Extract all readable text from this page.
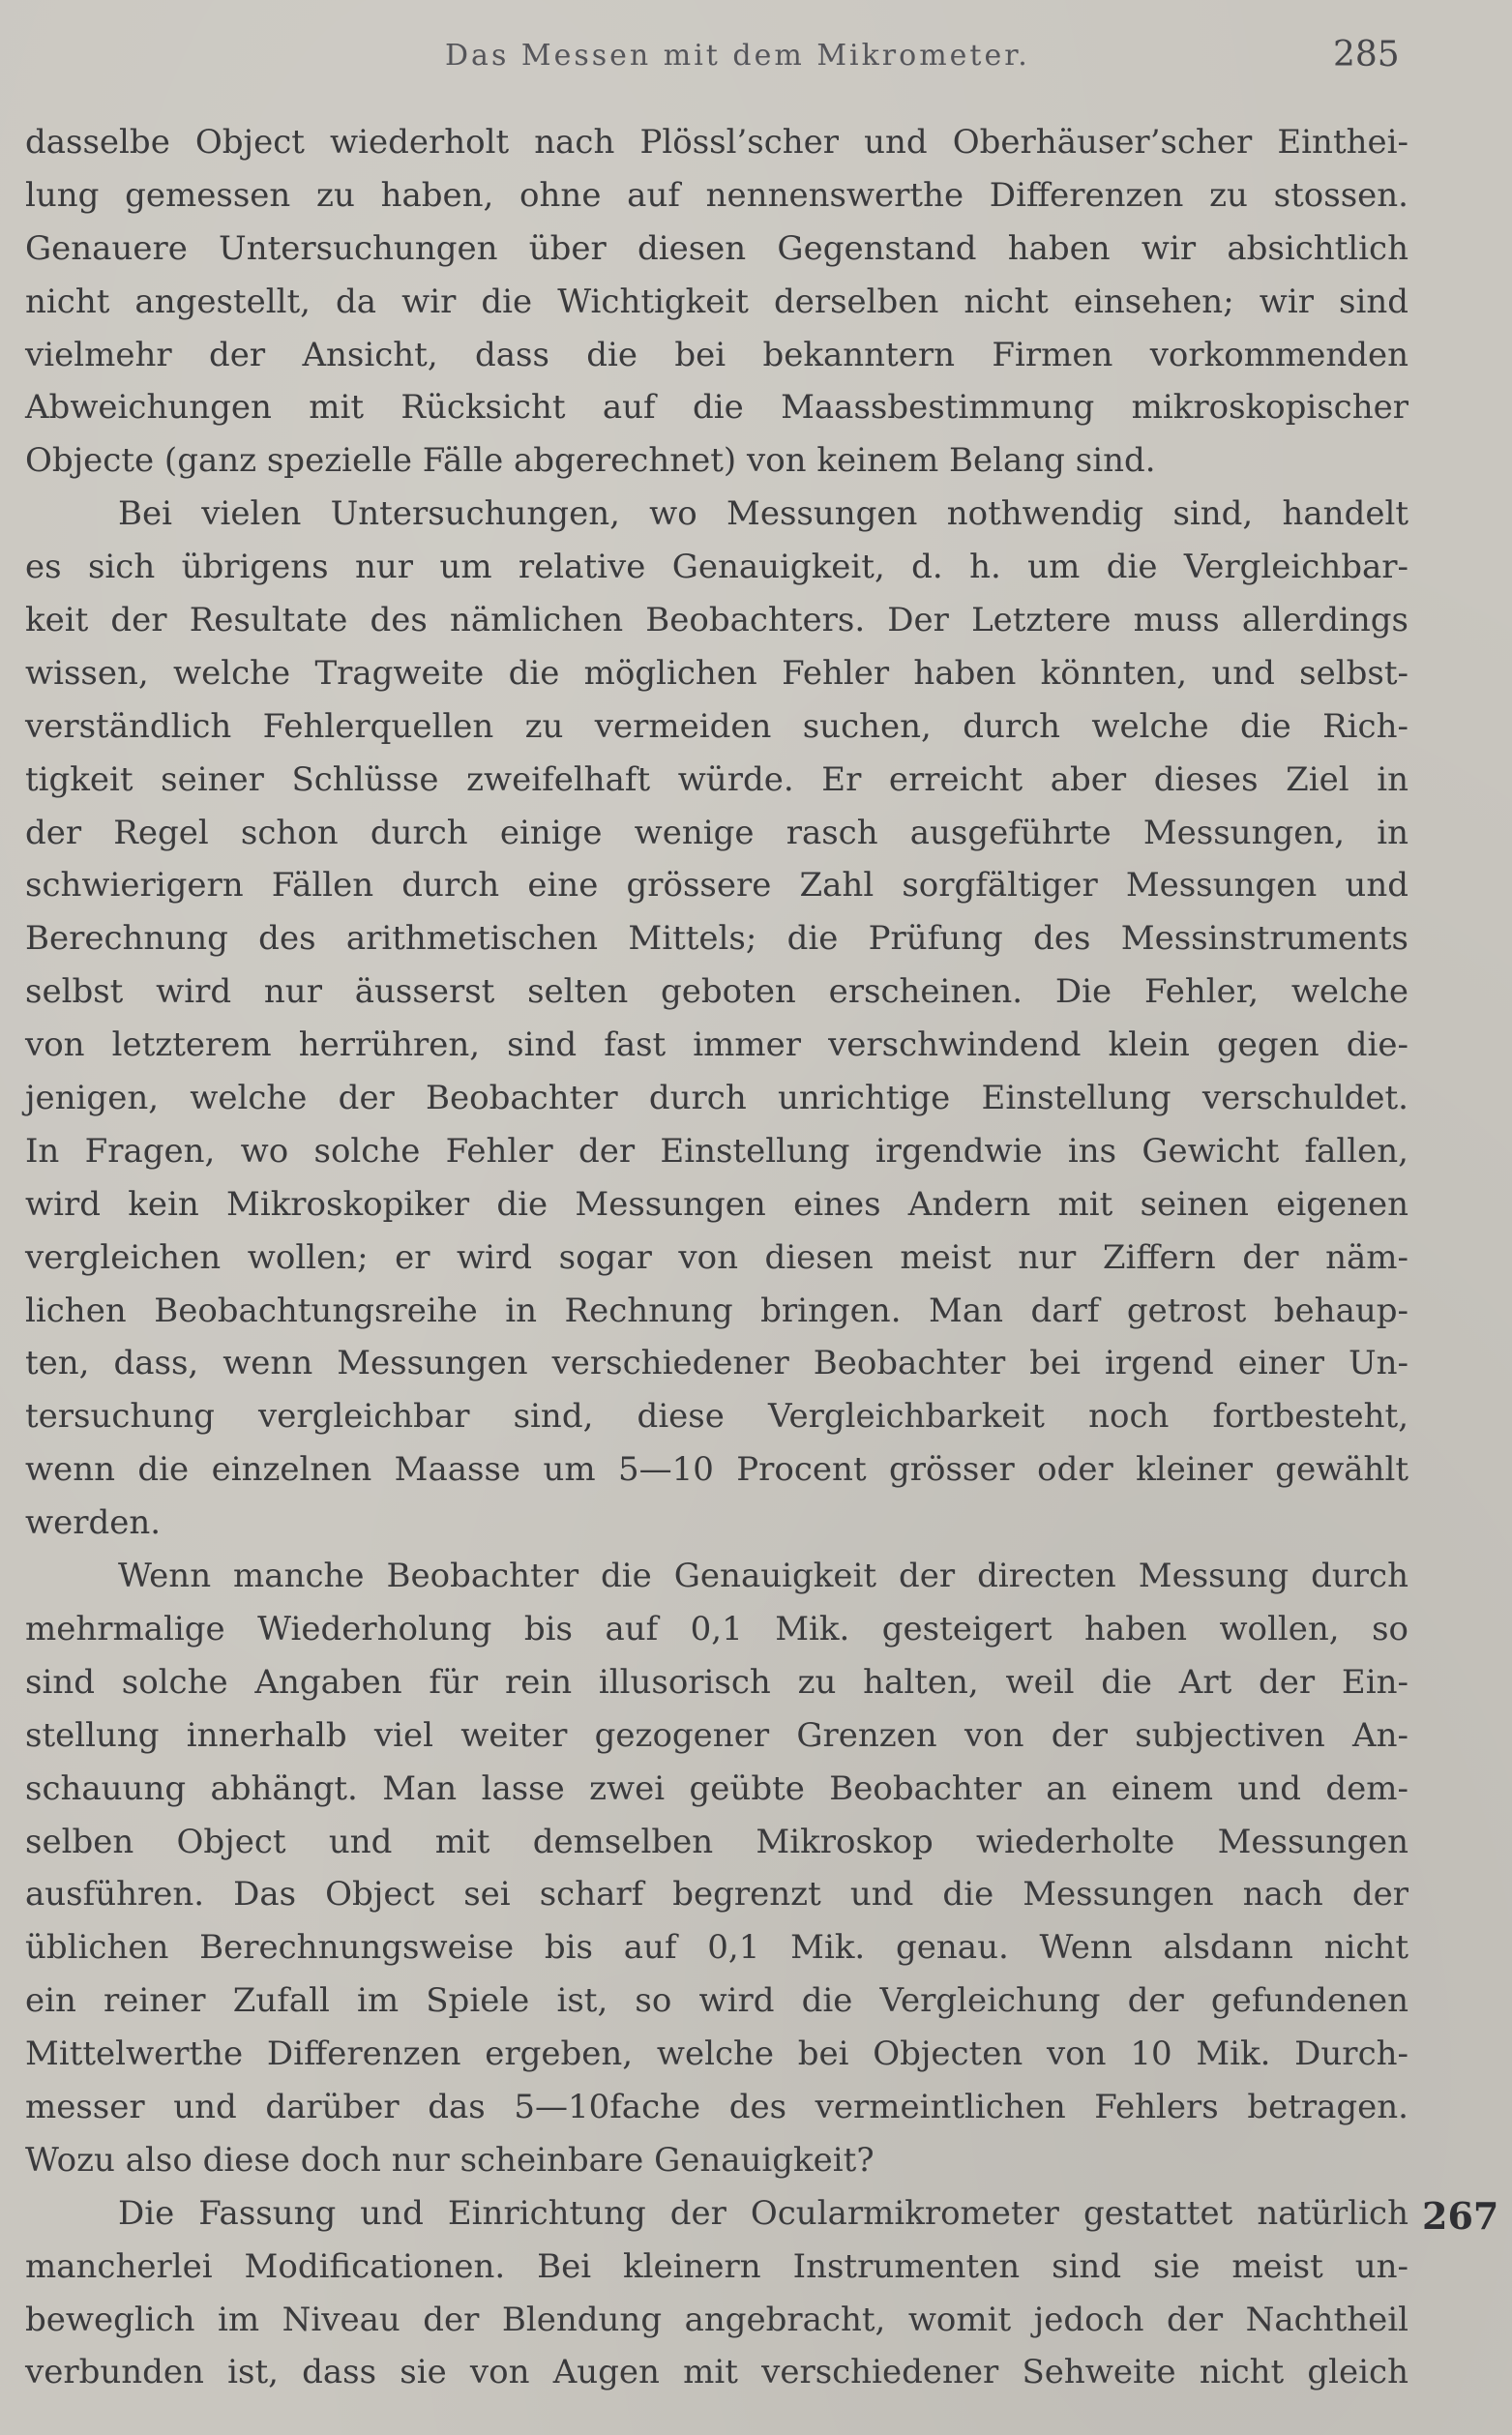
Das Messen mit dem Mikrometer.	285
dasselbe Object wiederholt nach Plössl’scher und Oberhäuser’scher Einthei-
lung gemessen zu haben, ohne auf nennenswerthe Differenzen zu stossen.
Genauere Untersuchungen über diesen Gegenstand haben wir absichtlich
nicht angestellt, da wir die Wichtigkeit derselben nicht einsehen; wir sind
vielmehr der Ansicht, dass die bei bekanntern Firmen vorkommenden
Abweichungen mit Rücksicht auf die Maassbestimmung mikroskopischer
Objecte (ganz spezielle Fälle abgerechnet) von keinem Belang sind.
Bei vielen Untersuchungen, wo Messungen nothwendig sind, handelt
es sich übrigens nur um relative Genauigkeit, d. h. um die Vergleichbar-
keit der Resultate des nämlichen Beobachters. Der Letztere muss allerdings
wissen, welche Tragweite die möglichen Fehler haben könnten, und selbst-
verständlich Fehlerquellen zu vermeiden suchen, durch welche die Rich-
tigkeit seiner Schlüsse zweifelhaft würde. Er erreicht aber dieses Ziel in
der Regel schon durch einige wenige rasch ausgeführte Messungen, in
schwierigern Fällen durch eine grössere Zahl sorgfältiger Messungen und
Berechnung des arithmetischen Mittels; die Prüfung des Messinstruments
selbst wird nur äusserst selten geboten erscheinen. Die Fehler, welche
von letzterem herrühren, sind fast immer verschwindend klein gegen die-
jenigen, welche der Beobachter durch unrichtige Einstellung verschuldet.
In Fragen, wo solche Fehler der Einstellung irgendwie ins Gewicht fallen,
wird kein Mikroskopiker die Messungen eines Andern mit seinen eigenen
vergleichen wollen; er wird sogar von diesen meist nur Ziffern der näm-
lichen Beobachtungsreihe in Rechnung bringen. Man darf getrost behaup-
ten, dass, wenn Messungen verschiedener Beobachter bei irgend einer Un-
tersuchung vergleichbar sind, diese Vergleichbarkeit noch fortbesteht,
wenn die einzelnen Maasse um 5—10 Procent grösser oder kleiner gewählt
werden.
Wenn manche Beobachter die Genauigkeit der directen Messung durch
mehrmalige Wiederholung bis auf 0,1 Mik. gesteigert haben wollen, so
sind solche Angaben für rein illusorisch zu halten, weil die Art der Ein-
stellung innerhalb viel weiter gezogener Grenzen von der subjectiven An-
schauung abhängt. Man lasse zwei geübte Beobachter an einem und dem-
selben Object und mit demselben Mikroskop wiederholte Messungen
ausführen. Das Object sei scharf begrenzt und die Messungen nach der
üblichen Berechnungsweise bis auf 0,1 Mik. genau. Wenn alsdann nicht
ein reiner Zufall im Spiele ist, so wird die Vergleichung der gefundenen
Mittelwerthe Differenzen ergeben, welche bei Objecten von 10 Mik. Durch-
messer und darüber das 5—10fache des vermeintlichen Fehlers betragen.
Wozu also diese doch nur scheinbare Genauigkeit?
Die Fassung und Einrichtung der Ocularmikrometer gestattet natürlich
mancherlei Modificationen. Bei kleinern Instrumenten sind sie meist un-
beweglich im Niveau der Blendung angebracht, womit jedoch der Nachtheil
verbunden ist, dass sie von Augen mit verschiedener Sehweite nicht gleich
267
